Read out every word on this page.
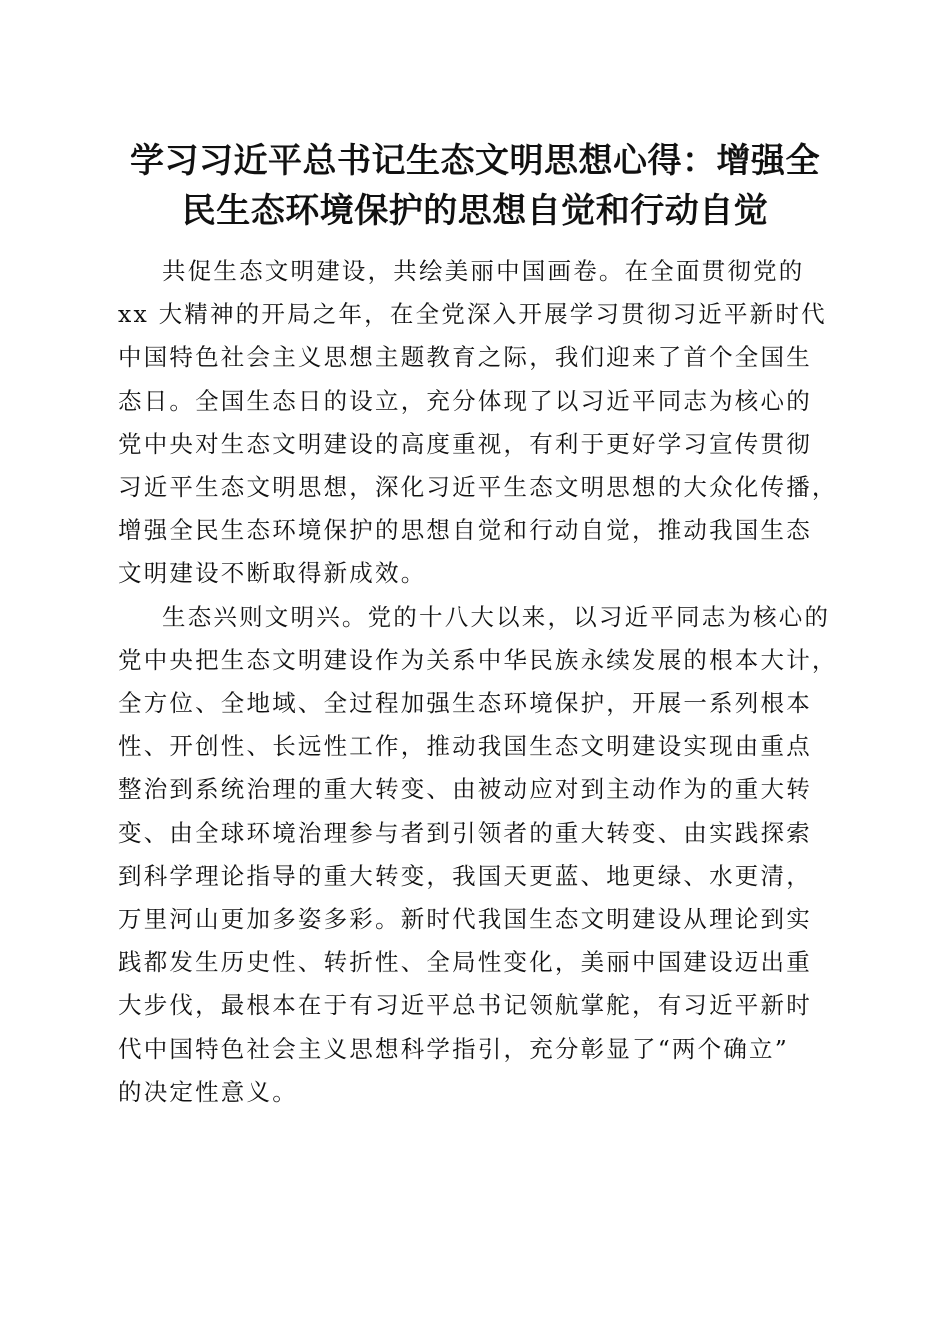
学习习近平总书记生态文明思想心得：增强全
民生态环境保护的思想自觉和行动自觉
共促生态文明建设，共绘美丽中国画卷。在全面贯彻党的
xx 大精神的开局之年，在全党深入开展学习贯彻习近平新时代
中国特色社会主义思想主题教育之际，我们迎来了首个全国生
态日。全国生态日的设立，充分体现了以习近平同志为核心的
党中央对生态文明建设的高度重视，有利于更好学习宣传贯彻
习近平生态文明思想，深化习近平生态文明思想的大众化传播，
增强全民生态环境保护的思想自觉和行动自觉，推动我国生态
文明建设不断取得新成效。
生态兴则文明兴。党的十八大以来，以习近平同志为核心的
党中央把生态文明建设作为关系中华民族永续发展的根本大计，
全方位、全地域、全过程加强生态环境保护，开展一系列根本
性、开创性、长远性工作，推动我国生态文明建设实现由重点
整治到系统治理的重大转变、由被动应对到主动作为的重大转
变、由全球环境治理参与者到引领者的重大转变、由实践探索
到科学理论指导的重大转变，我国天更蓝、地更绿、水更清，
万里河山更加多姿多彩。新时代我国生态文明建设从理论到实
践都发生历史性、转折性、全局性变化，美丽中国建设迈出重
大步伐，最根本在于有习近平总书记领航掌舵，有习近平新时
代中国特色社会主义思想科学指引，充分彰显了“两个确立”
的决定性意义。
